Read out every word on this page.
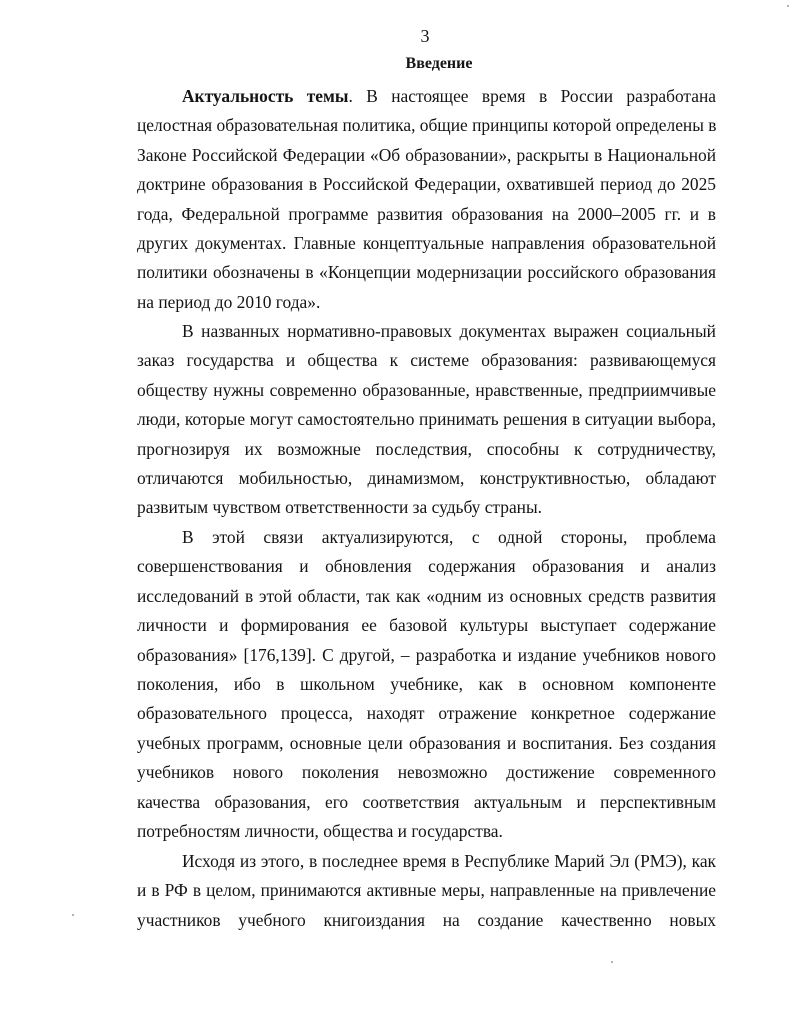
3
Введение
Актуальность темы. В настоящее время в России разработана
целостная образовательная политика, общие принципы которой определены в
Законе Российской Федерации «Об образовании», раскрыты в Национальной
доктрине образования в Российской Федерации, охватившей период до 2025
года, Федеральной программе развития образования на 2000–2005 гг. и в
других документах. Главные концептуальные направления образовательной
политики обозначены в «Концепции модернизации российского образования
на период до 2010 года».
В названных нормативно-правовых документах выражен социальный
заказ государства и общества к системе образования: развивающемуся
обществу нужны современно образованные, нравственные, предприимчивые
люди, которые могут самостоятельно принимать решения в ситуации выбора,
прогнозируя их возможные последствия, способны к сотрудничеству,
отличаются мобильностью, динамизмом, конструктивностью, обладают
развитым чувством ответственности за судьбу страны.
В этой связи актуализируются, с одной стороны, проблема
совершенствования и обновления содержания образования и анализ
исследований в этой области, так как «одним из основных средств развития
личности и формирования ее базовой культуры выступает содержание
образования» [176,139]. С другой, – разработка и издание учебников нового
поколения, ибо в школьном учебнике, как в основном компоненте
образовательного процесса, находят отражение конкретное содержание
учебных программ, основные цели образования и воспитания. Без создания
учебников нового поколения невозможно достижение современного
качества образования, его соответствия актуальным и перспективным
потребностям личности, общества и государства.
Исходя из этого, в последнее время в Республике Марий Эл (РМЭ), как
и в РФ в целом, принимаются активные меры, направленные на привлечение
участников учебного книгоиздания на создание качественно новых
